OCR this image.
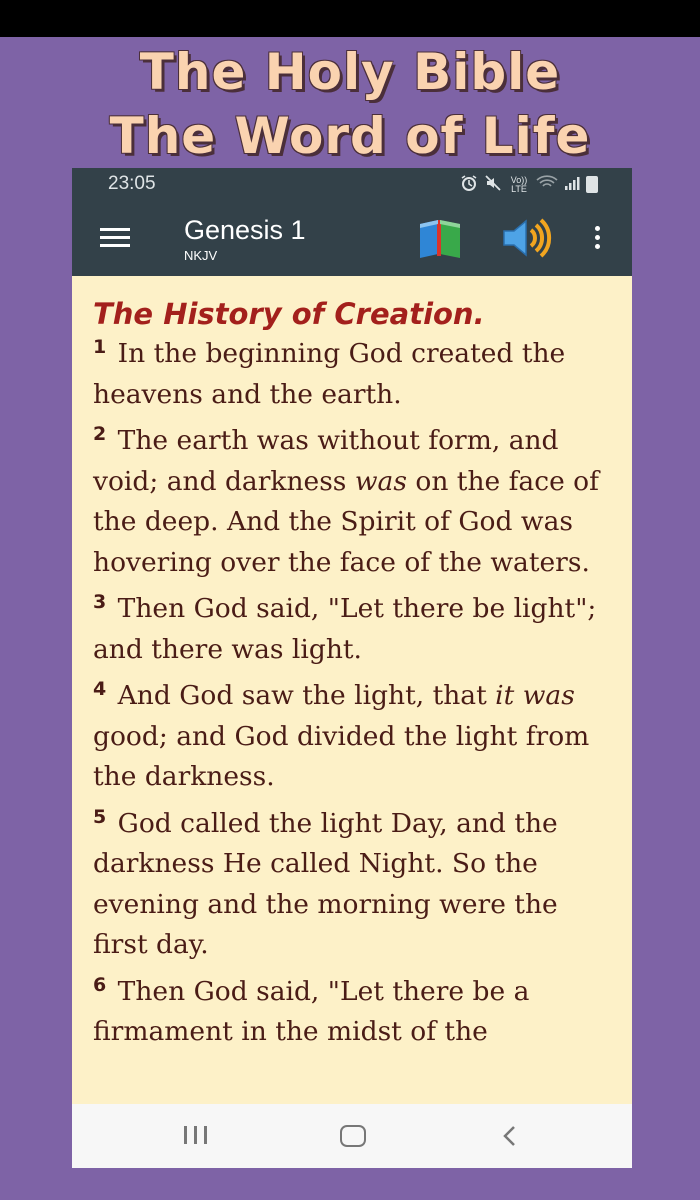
The Holy Bible
The Word of Life
23:05	Vo)) LTE
Genesis 1
NKJV
The History of Creation.

$^1$ In the beginning God created the heavens and the earth.

$^2$ The earth was without form, and void; and darkness was on the face of the deep. And the Spirit of God was hovering over the face of the waters.

$^3$ Then God said, "Let there be light"; and there was light.

$^4$ And God saw the light, that it was good; and God divided the light from the darkness.

$^5$ God called the light Day, and the darkness He called Night. So the evening and the morning were the first day.

$^6$ Then God said, "Let there be a firmament in the midst of the
